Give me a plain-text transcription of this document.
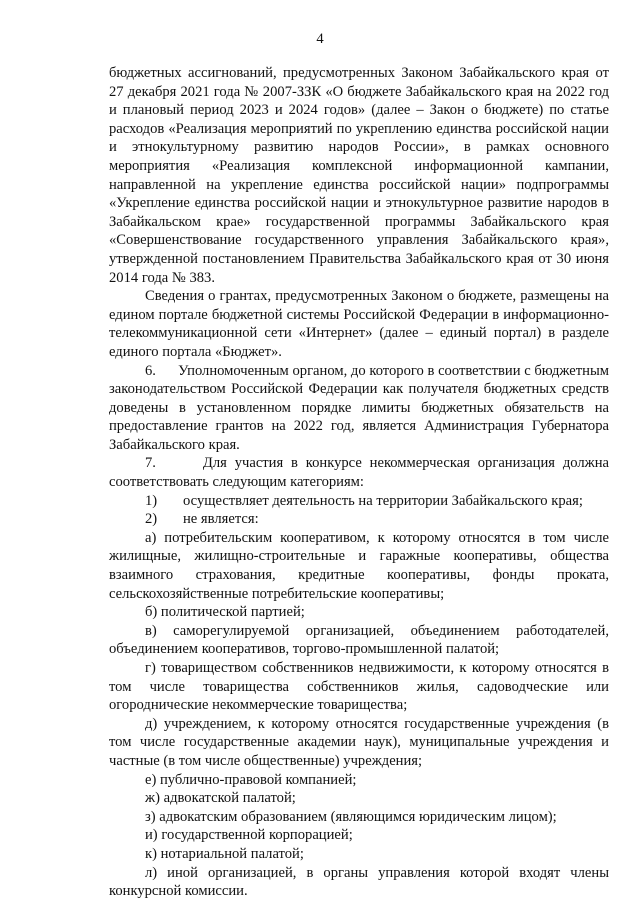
4

бюджетных ассигнований, предусмотренных Законом Забайкальского края от 27 декабря 2021 года № 2007-ЗЗК «О бюджете Забайкальского края на 2022 год и плановый период 2023 и 2024 годов» (далее – Закон о бюджете) по статье расходов «Реализация мероприятий по укреплению единства российской нации и этнокультурному развитию народов России», в рамках основного мероприятия «Реализация комплексной информационной кампании, направленной на укрепление единства российской нации» подпрограммы «Укрепление единства российской нации и этнокультурное развитие народов в Забайкальском крае» государственной программы Забайкальского края «Совершенствование государственного управления Забайкальского края», утвержденной постановлением Правительства Забайкальского края от 30 июня 2014 года № 383.

Сведения о грантах, предусмотренных Законом о бюджете, размещены на едином портале бюджетной системы Российской Федерации в информационно-телекоммуникационной сети «Интернет» (далее – единый портал) в разделе единого портала «Бюджет».

6.      Уполномоченным органом, до которого в соответствии с бюджетным законодательством Российской Федерации как получателя бюджетных средств доведены в установленном порядке лимиты бюджетных обязательств на предоставление грантов на 2022 год, является Администрация Губернатора Забайкальского края.

7.      Для участия в конкурсе некоммерческая организация должна соответствовать следующим категориям:

1) осуществляет деятельность на территории Забайкальского края;

2) не является:

а) потребительским кооперативом, к которому относятся в том числе жилищные, жилищно-строительные и гаражные кооперативы, общества взаимного страхования, кредитные кооперативы, фонды проката, сельскохозяйственные потребительские кооперативы;

б) политической партией;

в) саморегулируемой организацией, объединением работодателей, объединением кооперативов, торгово-промышленной палатой;

г) товариществом собственников недвижимости, к которому относятся в том числе товарищества собственников жилья, садоводческие или огороднические некоммерческие товарищества;

д) учреждением, к которому относятся государственные учреждения (в том числе государственные академии наук), муниципальные учреждения и частные (в том числе общественные) учреждения;

е) публично-правовой компанией;

ж) адвокатской палатой;

з) адвокатским образованием (являющимся юридическим лицом);

и) государственной корпорацией;

к) нотариальной палатой;

л) иной организацией, в органы управления которой входят члены конкурсной комиссии.
